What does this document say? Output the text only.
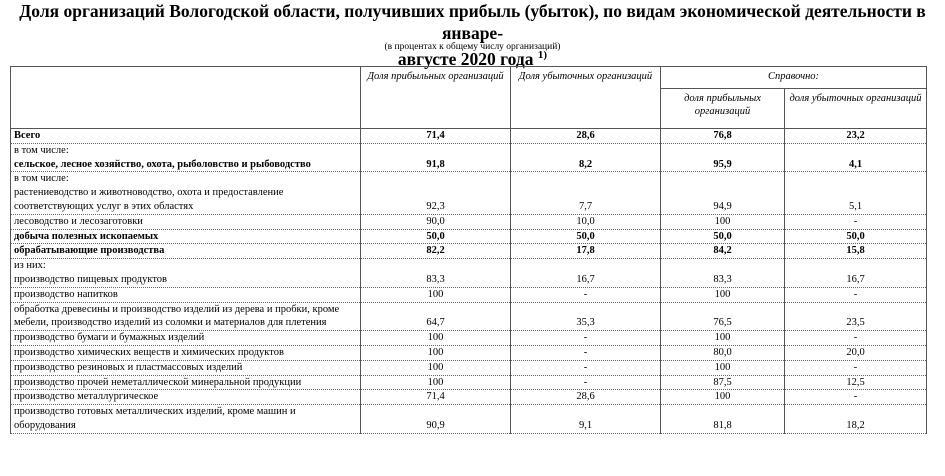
Доля организаций Вологодской области, получивших прибыль (убыток), по видам экономической деятельности в январе-
августе 2020 года $^{1)}$
(в процентах к общему числу организаций)
	Доля прибыльных организаций	Доля убыточных организаций	Справочно:	
			доля прибыльных организаций	доля убыточных организаций
Всего	71,4	28,6	76,8	23,2
в том числе:				
сельское, лесное хозяйство, охота, рыболовство и рыбоводство	91,8	8,2	95,9	4,1
в том числе:				
растениеводство и животноводство, охота и предоставление соответствующих услуг в этих областях	92,3	7,7	94,9	5,1
лесоводство и лесозаготовки	90,0	10,0	100	-
добыча полезных ископаемых	50,0	50,0	50,0	50,0
обрабатывающие производства	82,2	17,8	84,2	15,8
из них:				
производство пищевых продуктов	83,3	16,7	83,3	16,7
производство напитков	100	-	100	-
обработка древесины и производство изделий из дерева и пробки, кроме мебели, производство изделий из соломки и материалов для плетения	64,7	35,3	76,5	23,5
производство бумаги и бумажных изделий	100	-	100	-
производство химических веществ и химических продуктов	100	-	80,0	20,0
производство резиновых и пластмассовых изделий	100	-	100	-
производство прочей неметаллической минеральной продукции	100	-	87,5	12,5
производство металлургическое	71,4	28,6	100	-
производство готовых металлических изделий, кроме машин и оборудования	90,9	9,1	81,8	18,2
